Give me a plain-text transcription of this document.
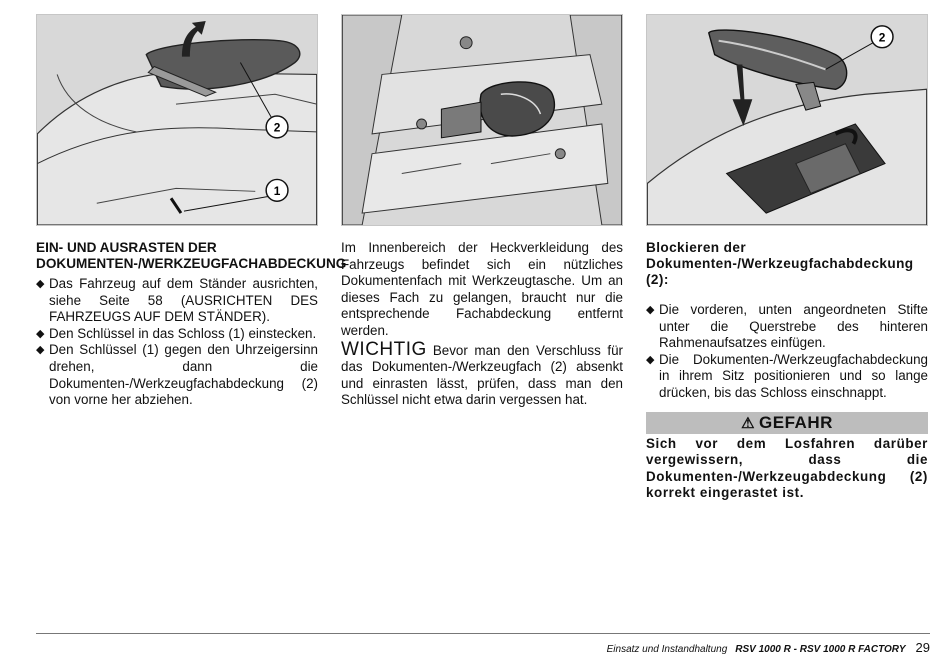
2
1
2
EIN- UND AUSRASTEN DER DOKUMENTEN-/WERKZEUGFACHABDECKUNG
◆ Das Fahrzeug auf dem Ständer ausrichten, siehe Seite 58 (AUSRICHTEN DES FAHRZEUGS AUF DEM STÄNDER).
◆ Den Schlüssel in das Schloss (1) einstecken.
◆ Den Schlüssel (1) gegen den Uhrzeigersinn drehen, dann die Dokumenten-/Werkzeugfachabdeckung (2) von vorne her abziehen.

Im Innenbereich der Heckverkleidung des Fahrzeugs befindet sich ein nützliches Dokumentenfach mit Werkzeugtasche. Um an dieses Fach zu gelangen, braucht nur die entsprechende Fachabdeckung entfernt werden.

WICHTIG Bevor man den Verschluss für das Dokumenten-/Werkzeugfach (2) absenkt und einrasten lässt, prüfen, dass man den Schlüssel nicht etwa darin vergessen hat.

Blockieren der Dokumenten-/Werkzeugfachabdeckung (2):
◆ Die vorderen, unten angeordneten Stifte unter die Querstrebe des hinteren Rahmenaufsatzes einfügen.
◆ Die Dokumenten-/Werkzeugfachabdeckung in ihrem Sitz positionieren und so lange drücken, bis das Schloss einschnappt.
⚠ GEFAHR

Sich vor dem Losfahren darüber vergewissern, dass die Dokumenten-/Werkzeugabdeckung (2) korrekt eingerastet ist.

Einsatz und Instandhaltung RSV 1000 R - RSV 1000 R FACTORY 29
